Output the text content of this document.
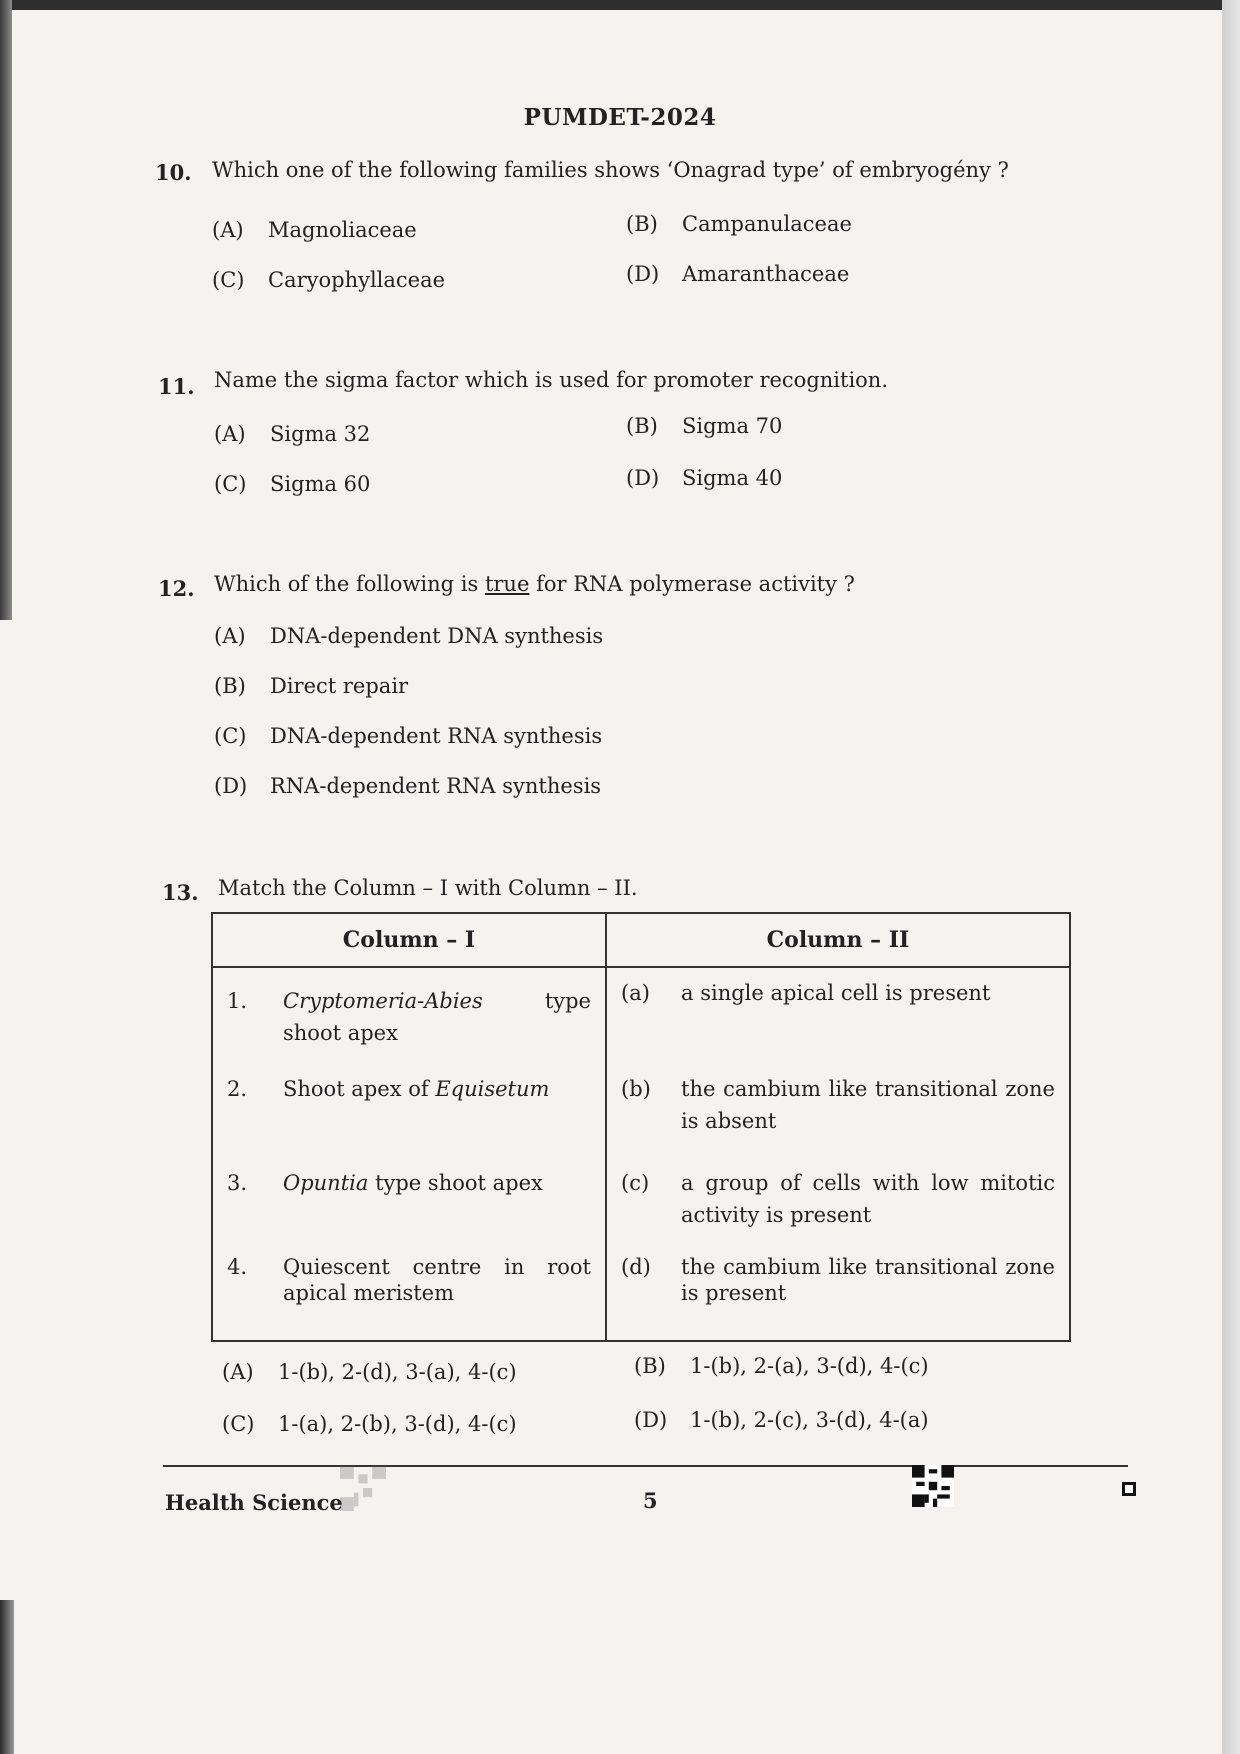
PUMDET-2024
10. Which one of the following families shows ‘Onagrad type’ of embryogény ?
(A) Magnoliaceae	(B) Campanulaceae
(C) Caryophyllaceae	(D) Amaranthaceae
11. Name the sigma factor which is used for promoter recognition.
(A) Sigma 32	(B) Sigma 70
(C) Sigma 60	(D) Sigma 40
12. Which of the following is true for RNA polymerase activity ?
(A) DNA-dependent DNA synthesis
(B) Direct repair
(C) DNA-dependent RNA synthesis
(D) RNA-dependent RNA synthesis
13. Match the Column – I with Column – II.
Column – I	Column – II

1. Cryptomeria-Abies type shoot apex	(a) a single apical cell is present

2. Shoot apex of Equisetum	(b) the cambium like transitional zone is absent

3. Opuntia type shoot apex	(c) a group of cells with low mitotic activity is present

4. Quiescent centre in root apical meristem	(d) the cambium like transitional zone is present
(A) 1-(b), 2-(d), 3-(a), 4-(c)	(B) 1-(b), 2-(a), 3-(d), 4-(c)
(C) 1-(a), 2-(b), 3-(d), 4-(c)	(D) 1-(b), 2-(c), 3-(d), 4-(a)
Health Science	5
